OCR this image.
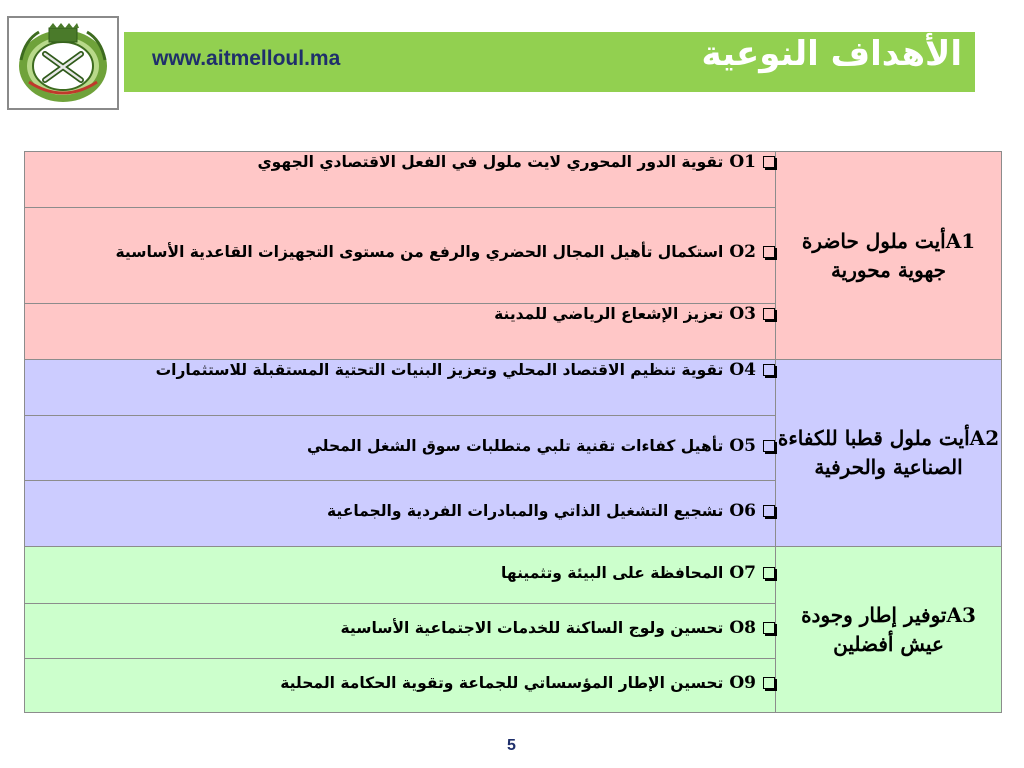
www.aitmelloul.ma	الأهداف النوعية
O1تقوية الدور المحوري لايت ملول في الفعل الاقتصادي الجهوي	A1أيت ملول حاضرة جهوية محورية
O2استكمال تأهيل المجال الحضري والرفع من مستوى التجهيزات القاعدية الأساسية	
O3تعزيز الإشعاع الرياضي للمدينة	
O4تقوية تنظيم الاقتصاد المحلي وتعزيز البنيات التحتية المستقبلة للاستثمارات	A2أيت ملول قطبا للكفاءة الصناعية والحرفية
O5تأهيل كفاءات تقنية تلبي متطلبات سوق الشغل المحلي	
O6تشجيع التشغيل الذاتي والمبادرات الفردية والجماعية	
O7المحافظة على البيئة وتثمينها	A3توفير إطار وجودة عيش أفضلين
O8تحسين ولوج الساكنة للخدمات الاجتماعية الأساسية	
O9تحسين الإطار المؤسساتي للجماعة وتقوية الحكامة المحلية	
5
